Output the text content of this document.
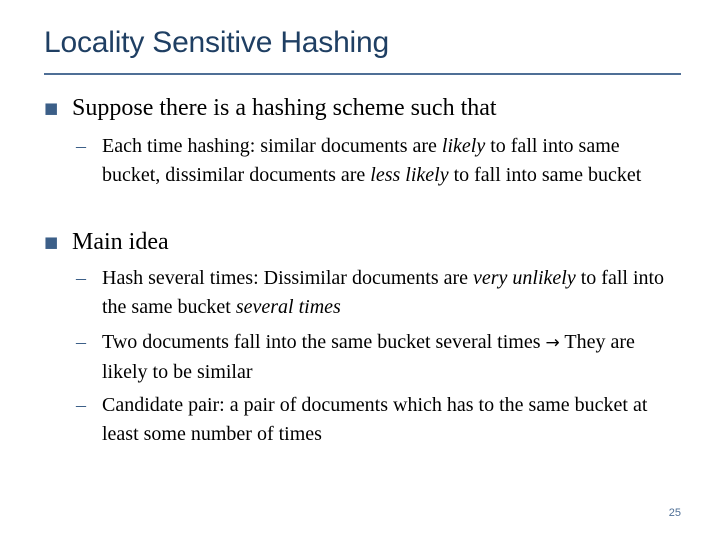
Locality Sensitive Hashing
■ Suppose there is a hashing scheme such that
– Each time hashing: similar documents are likely to fall into same bucket, dissimilar documents are less likely to fall into same bucket
■ Main idea
– Hash several times: Dissimilar documents are very unlikely to fall into the same bucket several times
– Two documents fall into the same bucket several times → They are likely to be similar
– Candidate pair: a pair of documents which has to the same bucket at least some number of times
25
